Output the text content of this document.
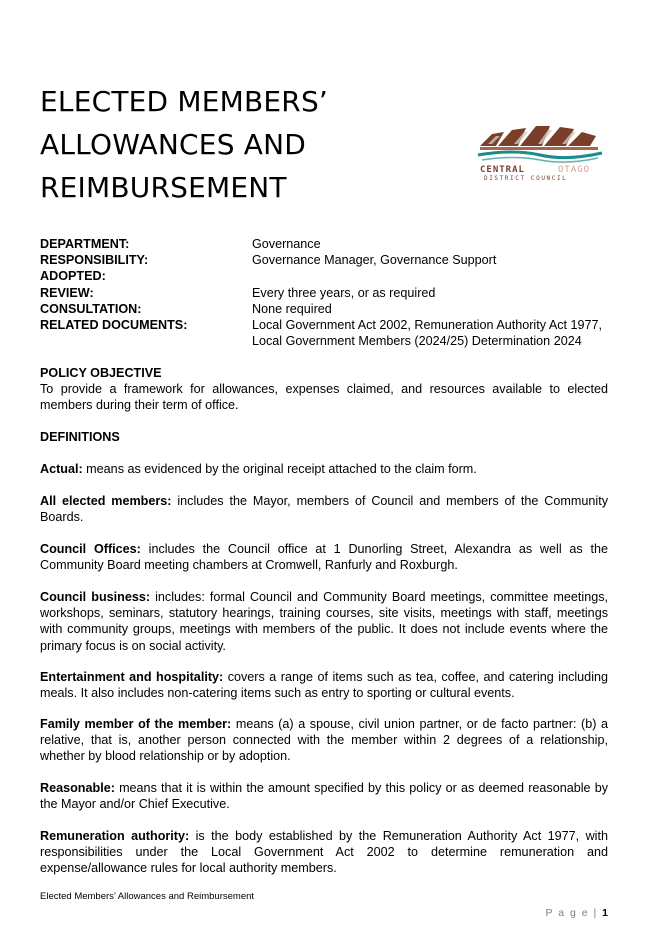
ELECTED MEMBERS’
ALLOWANCES AND
REIMBURSEMENT
CENTRAL	OTAGO
DISTRICT COUNCIL
DEPARTMENT:	Governance
RESPONSIBILITY:	Governance Manager, Governance Support
ADOPTED:
REVIEW:	Every three years, or as required
CONSULTATION:	None required
RELATED DOCUMENTS:	Local Government Act 2002, Remuneration Authority Act 1977,
Local Government Members (2024/25) Determination 2024
POLICY OBJECTIVE
To provide a framework for allowances, expenses claimed, and resources available to elected members during their term of office.
DEFINITIONS
Actual: means as evidenced by the original receipt attached to the claim form.
All elected members: includes the Mayor, members of Council and members of the Community Boards.
Council Offices: includes the Council office at 1 Dunorling Street, Alexandra as well as the Community Board meeting chambers at Cromwell, Ranfurly and Roxburgh.
Council business: includes: formal Council and Community Board meetings, committee meetings, workshops, seminars, statutory hearings, training courses, site visits, meetings with staff, meetings with community groups, meetings with members of the public. It does not include events where the primary focus is on social activity.
Entertainment and hospitality: covers a range of items such as tea, coffee, and catering including meals. It also includes non-catering items such as entry to sporting or cultural events.
Family member of the member: means (a) a spouse, civil union partner, or de facto partner: (b) a relative, that is, another person connected with the member within 2 degrees of a relationship, whether by blood relationship or by adoption.
Reasonable: means that it is within the amount specified by this policy or as deemed reasonable by the Mayor and/or Chief Executive.
Remuneration authority: is the body established by the Remuneration Authority Act 1977, with responsibilities under the Local Government Act 2002 to determine remuneration and expense/allowance rules for local authority members.
Elected Members’ Allowances and Reimbursement
P a g e | 1
